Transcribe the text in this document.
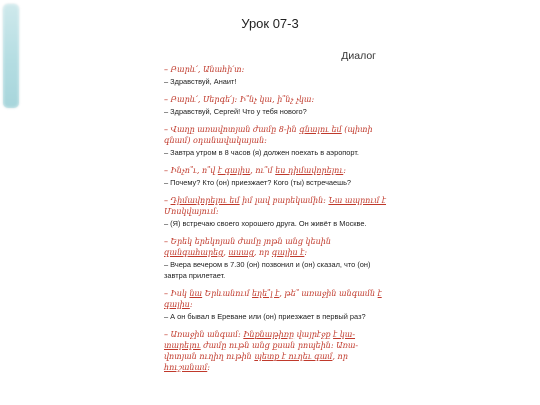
Урок 07-3
Диалог

– Բարև՛, Անահի՛տ:

– Здравствуй, Анаит!

– Բարև՛, Սերգե՛յ: Ի՞նչ կա, ի՞նչ չկա:

– Здравствуй, Сергей! Что у тебя нового?

– Վաղը առավոտյան ժամը 8-ին գնալու եմ (պիտի գնամ) օդանավակայան:

– Завтра утром в 8 часов (я) должен поехать в аэропорт.

– Ինչո՞ւ, ո՞վ է գալիս, ու՞մ ես դիմավորելու:

– Почему? Кто (он) приезжает? Кого (ты) встречаешь?

– Դիմավորելու եմ իմ լավ բարեկամին: Նա ապրում է Մոսկվայում:

– (Я) встречаю своего хорошего друга. Он живёт в Москве.

– Երեկ երեկոյան ժամը յոթն անց կեսին զանգահարեց, ասաց, որ գալիս է:

– Вчера вечером в 7.30 (он) позвонил и (он) сказал, что (он) завтра прилетает.

– Իսկ նա Երևանում եղե՞լ է, թե՞ առաջին անգամն է գալիս:

– А он бывал в Ереване или (он) приезжает в первый раз?

– Առաջին անգամ: Ինքնաթիռը վայրէջք է կա-տարելու ժամը ութն անց քսան րոպեին: Առա-վոտյան ուղիղ ութին պետք է ուղեւ գամ, որ հուշանամ:
